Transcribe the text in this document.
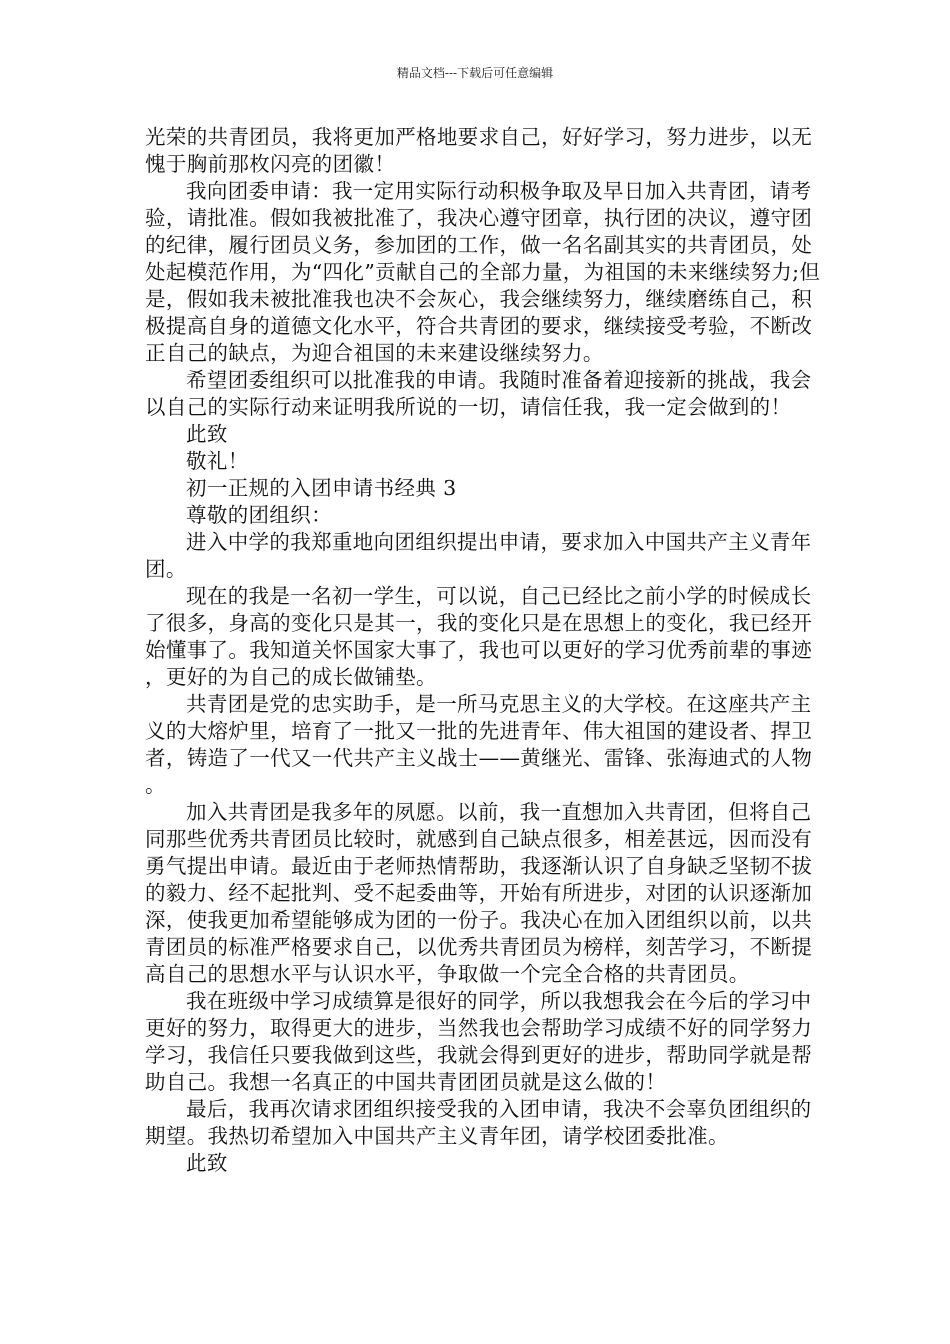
精品文档---下载后可任意编辑

光荣的共青团员，我将更加严格地要求自己，好好学习，努力进步，以无愧于胸前那枚闪亮的团徽！

我向团委申请：我一定用实际行动积极争取及早日加入共青团，请考验，请批准。假如我被批准了，我决心遵守团章，执行团的决议，遵守团的纪律，履行团员义务，参加团的工作，做一名名副其实的共青团员，处处起模范作用，为“四化”贡献自己的全部力量，为祖国的未来继续努力;但是，假如我未被批准我也决不会灰心，我会继续努力，继续磨练自己，积极提高自身的道德文化水平，符合共青团的要求，继续接受考验，不断改正自己的缺点，为迎合祖国的未来建设继续努力。

希望团委组织可以批准我的申请。我随时准备着迎接新的挑战，我会以自己的实际行动来证明我所说的一切，请信任我，我一定会做到的！

此致

敬礼！

初一正规的入团申请书经典 3

尊敬的团组织：

进入中学的我郑重地向团组织提出申请，要求加入中国共产主义青年团。

现在的我是一名初一学生，可以说，自己已经比之前小学的时候成长了很多，身高的变化只是其一，我的变化只是在思想上的变化，我已经开始懂事了。我知道关怀国家大事了，我也可以更好的学习优秀前辈的事迹，更好的为自己的成长做铺垫。

共青团是党的忠实助手，是一所马克思主义的大学校。在这座共产主义的大熔炉里，培育了一批又一批的先进青年、伟大祖国的建设者、捍卫者，铸造了一代又一代共产主义战士——黄继光、雷锋、张海迪式的人物。

加入共青团是我多年的夙愿。以前，我一直想加入共青团，但将自己同那些优秀共青团员比较时，就感到自己缺点很多，相差甚远，因而没有勇气提出申请。最近由于老师热情帮助，我逐渐认识了自身缺乏坚韧不拔的毅力、经不起批判、受不起委曲等，开始有所进步，对团的认识逐渐加深，使我更加希望能够成为团的一份子。我决心在加入团组织以前，以共青团员的标准严格要求自己，以优秀共青团员为榜样，刻苦学习，不断提高自己的思想水平与认识水平，争取做一个完全合格的共青团员。

我在班级中学习成绩算是很好的同学，所以我想我会在今后的学习中更好的努力，取得更大的进步，当然我也会帮助学习成绩不好的同学努力学习，我信任只要我做到这些，我就会得到更好的进步，帮助同学就是帮助自己。我想一名真正的中国共青团团员就是这么做的！

最后，我再次请求团组织接受我的入团申请，我决不会辜负团组织的期望。我热切希望加入中国共产主义青年团，请学校团委批准。

此致
